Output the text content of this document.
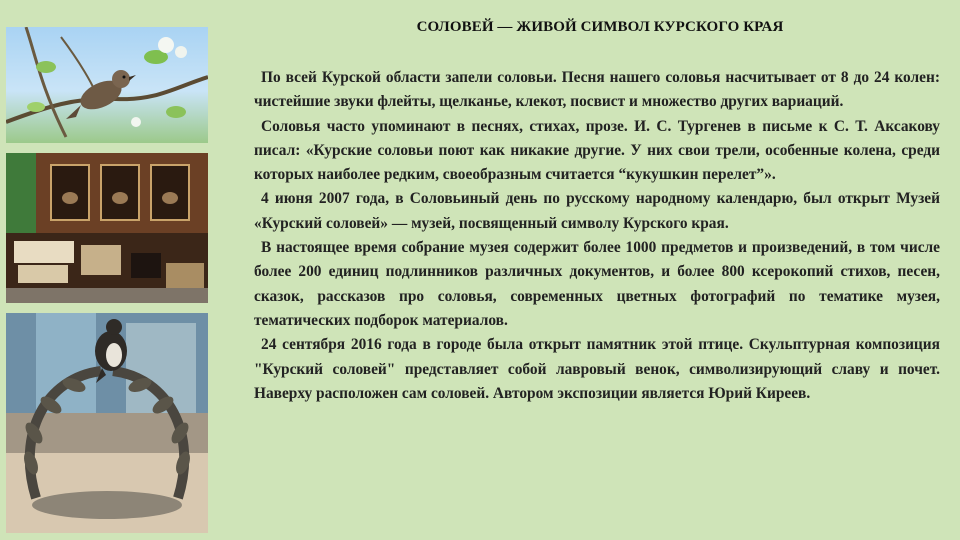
СОЛОВЕЙ — ЖИВОЙ СИМВОЛ КУРСКОГО КРАЯ

По всей Курской области запели соловьи. Песня нашего соловья насчитывает от 8 до 24 колен: чистейшие звуки флейты, щелканье, клекот, посвист и множество других вариаций.

Соловья часто упоминают в песнях, стихах, прозе. И. С. Тургенев в письме к С. Т. Аксакову писал: «Курские соловьи поют как никакие другие. У них свои трели, особенные колена, среди которых наиболее редким, своеобразным считается “кукушкин перелет”».

4 июня 2007 года, в Соловьиный день по русскому народному календарю, был открыт Музей «Курский соловей» — музей, посвященный символу Курского края.

В настоящее время собрание музея содержит более 1000 предметов и произведений, в том числе более 200 единиц подлинников различных документов, и более 800 ксерокопий стихов, песен, сказок, рассказов про соловья, современных цветных фотографий по тематике музея, тематических подборок материалов.

24 сентября 2016 года в городе была открыт памятник этой птице. Скульптурная композиция "Курский соловей" представляет собой лавровый венок, символизирующий славу и почет. Наверху расположен сам соловей. Автором экспозиции является Юрий Киреев.
